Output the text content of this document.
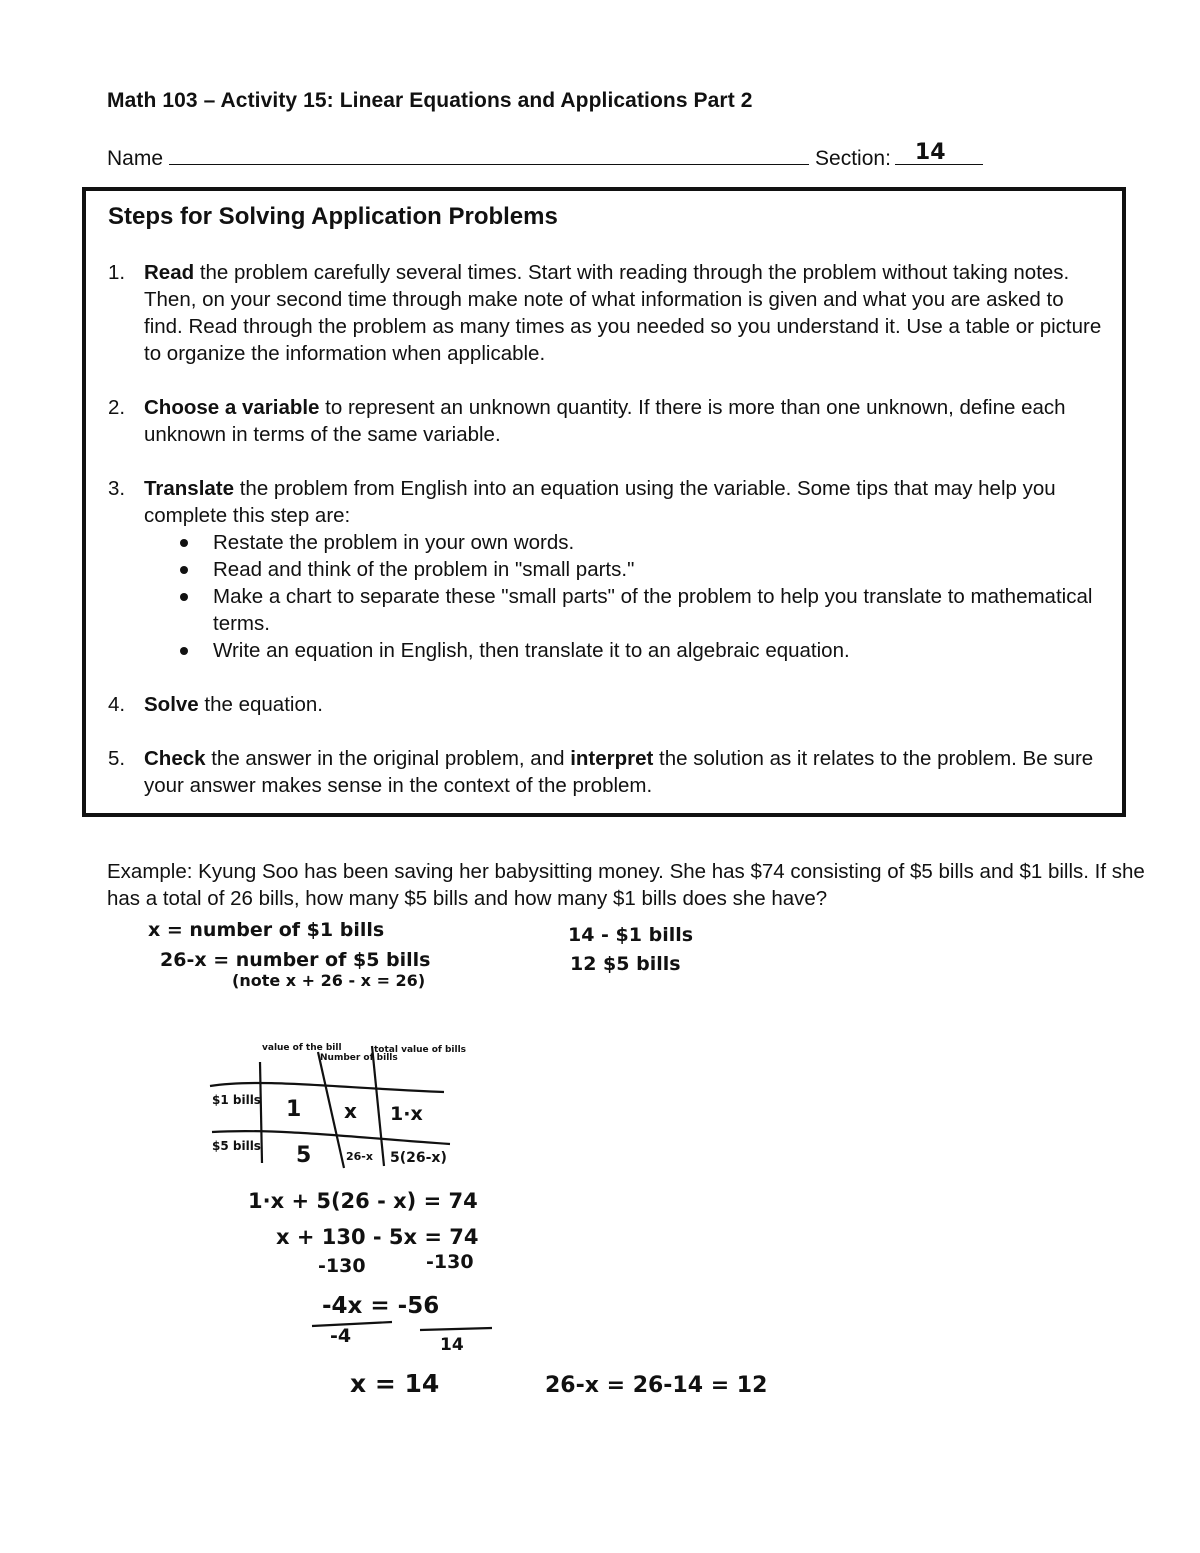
Math 103 – Activity 15: Linear Equations and Applications Part 2
Name	Section: 14
Steps for Solving Application Problems
1. Read the problem carefully several times. Start with reading through the problem without taking notes. Then, on your second time through make note of what information is given and what you are asked to find. Read through the problem as many times as you needed so you understand it. Use a table or picture to organize the information when applicable.
2. Choose a variable to represent an unknown quantity. If there is more than one unknown, define each unknown in terms of the same variable.
3. Translate the problem from English into an equation using the variable. Some tips that may help you complete this step are:
Restate the problem in your own words.
Read and think of the problem in "small parts."
Make a chart to separate these "small parts" of the problem to help you translate to mathematical terms.
Write an equation in English, then translate it to an algebraic equation.
4. Solve the equation.
5. Check the answer in the original problem, and interpret the solution as it relates to the problem. Be sure your answer makes sense in the context of the problem.
Example: Kyung Soo has been saving her babysitting money. She has $74 consisting of $5 bills and $1 bills. If she has a total of 26 bills, how many $5 bills and how many $1 bills does she have?
x = number of $1 bills
26-x = number of $5 bills
(note x + 26 - x = 26)
14 - $1 bills
12 $5 bills
value of the bill
Number of bills
total value of bills
$1 bills 1 x 1·x
$5 bills 5	26-x 5(26-x)
1·x + 5(26 - x) = 74
x + 130 - 5x = 74
-130	-130
-4x = -56
-4	14
x = 14	26-x = 26-14 = 12
